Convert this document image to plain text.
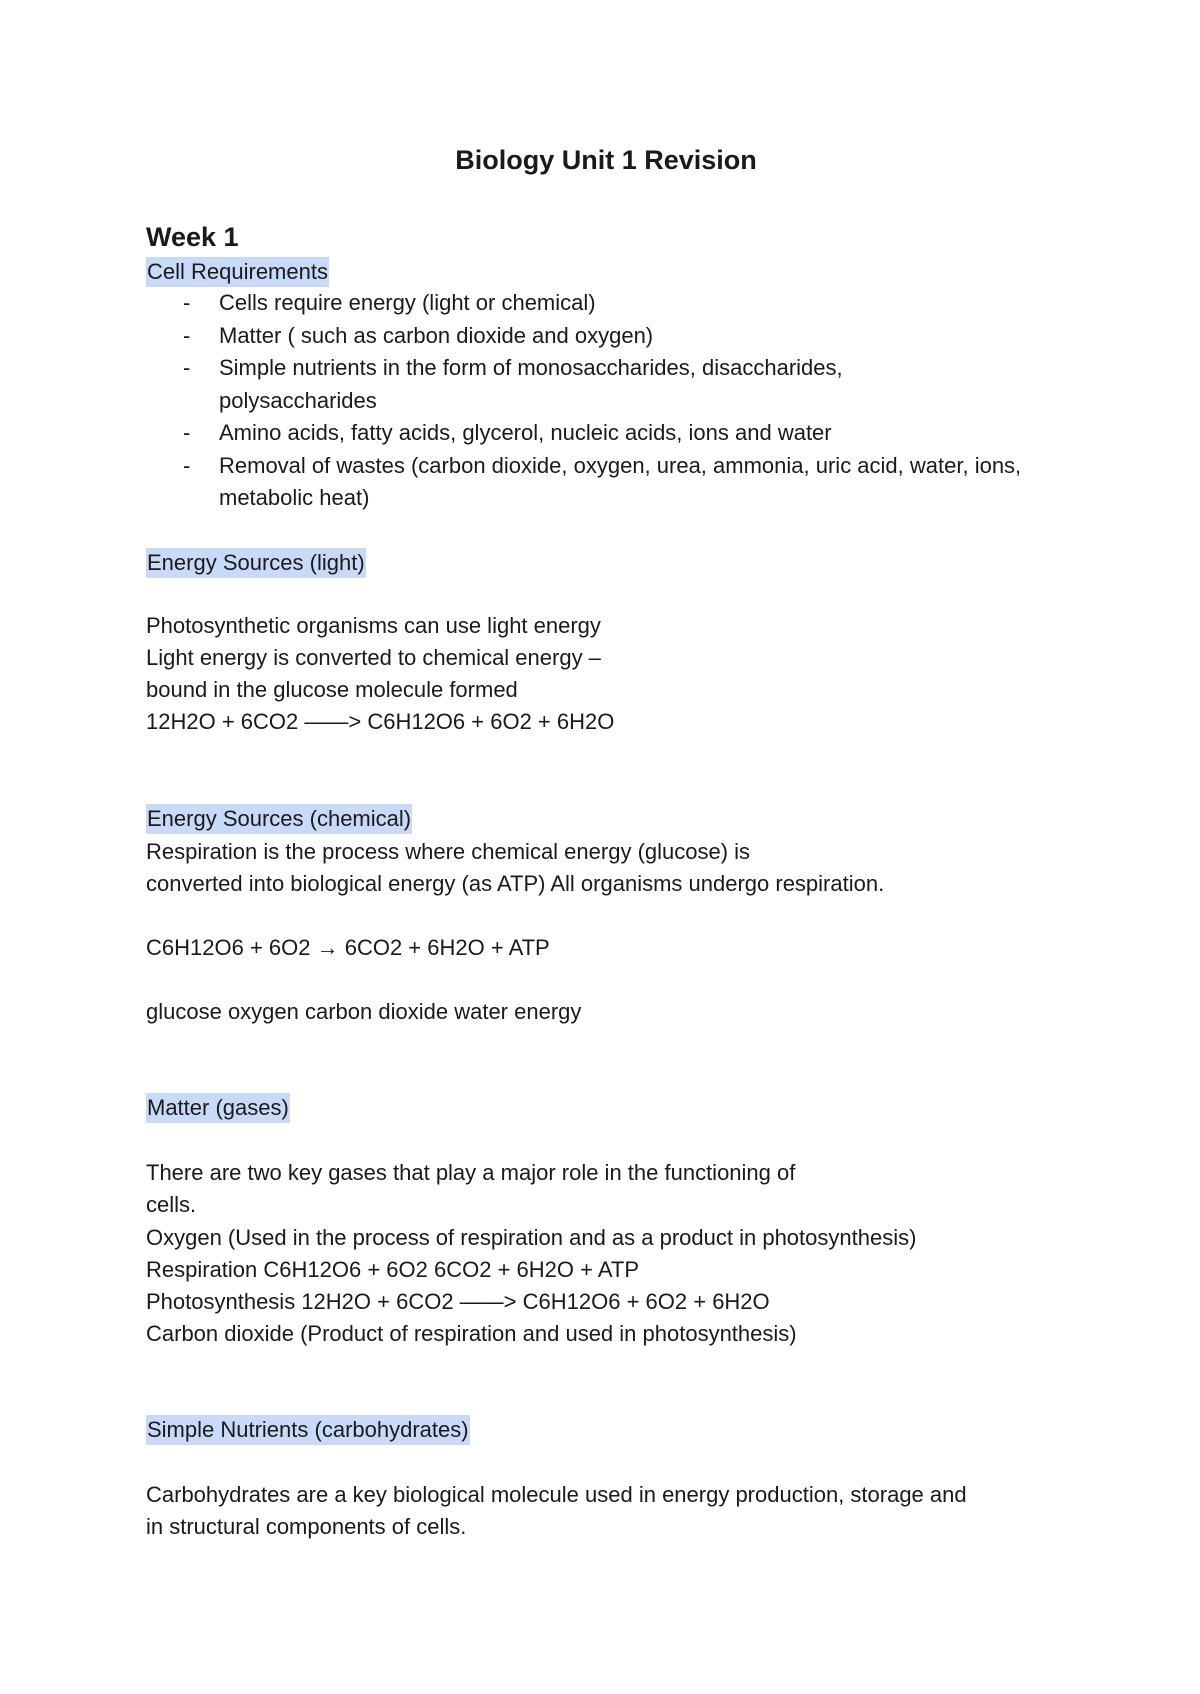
Biology Unit 1 Revision
Week 1
Cell Requirements
- Cells require energy (light or chemical)
- Matter ( such as carbon dioxide and oxygen)
- Simple nutrients in the form of monosaccharides, disaccharides, polysaccharides
- Amino acids, fatty acids, glycerol, nucleic acids, ions and water
- Removal of wastes (carbon dioxide, oxygen, urea, ammonia, uric acid, water, ions, metabolic heat)
Energy Sources (light)

Photosynthetic organisms can use light energy

Light energy is converted to chemical energy –

bound in the glucose molecule formed

12H2O + 6CO2 ——> C6H12O6 + 6O2 + 6H2O

Energy Sources (chemical)

Respiration is the process where chemical energy (glucose) is

converted into biological energy (as ATP) All organisms undergo respiration.

C6H12O6 + 6O2 → 6CO2 + 6H2O + ATP

glucose oxygen carbon dioxide water energy

Matter (gases)

There are two key gases that play a major role in the functioning of

cells.

Oxygen (Used in the process of respiration and as a product in photosynthesis)

Respiration C6H12O6 + 6O2 6CO2 + 6H2O + ATP

Photosynthesis 12H2O + 6CO2 ——> C6H12O6 + 6O2 + 6H2O

Carbon dioxide (Product of respiration and used in photosynthesis)

Simple Nutrients (carbohydrates)

Carbohydrates are a key biological molecule used in energy production, storage and

in structural components of cells.
